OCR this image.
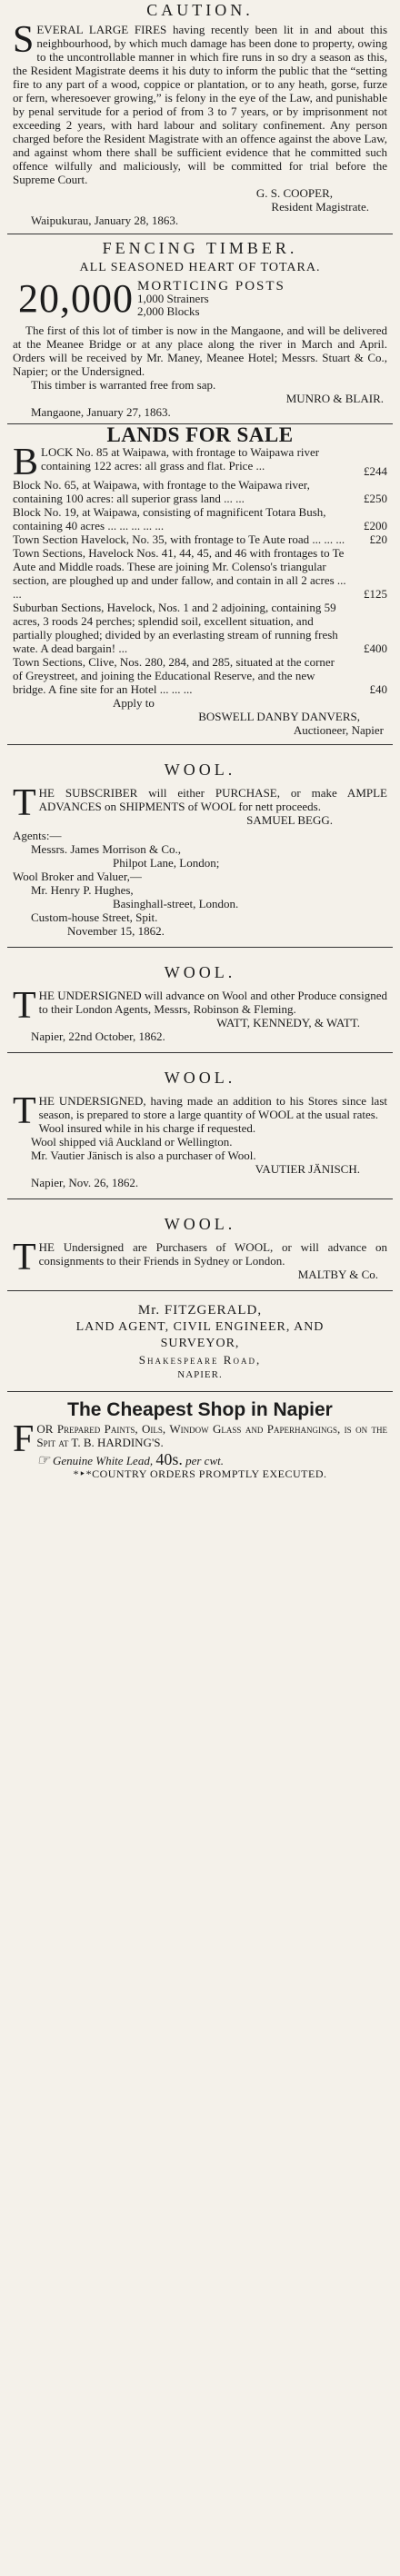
CAUTION.

SEVERAL LARGE FIRES having recently been lit in and about this neighbourhood, by which much damage has been done to property, owing to the uncontrollable manner in which fire runs in so dry a season as this, the Resident Magistrate deems it his duty to inform the public that the “setting fire to any part of a wood, coppice or plantation, or to any heath, gorse, furze or fern, wheresoever growing,” is felony in the eye of the Law, and punishable by penal servitude for a period of from 3 to 7 years, or by imprisonment not exceeding 2 years, with hard labour and solitary confinement. Any person charged before the Resident Magistrate with an offence against the above Law, and against whom there shall be sufficient evidence that he committed such offence wilfully and maliciously, will be committed for trial before the Supreme Court.

G. S. COOPER,
Resident Magistrate.
Waipukurau, January 28, 1863.
FENCING TIMBER.
ALL SEASONED HEART OF TOTARA.
20,000 MORTICING POSTS
1,000 Strainers
2,000 Blocks

The first of this lot of timber is now in the Mangaone, and will be delivered at the Meanee Bridge or at any place along the river in March and April. Orders will be received by Mr. Maney, Meanee Hotel; Messrs. Stuart & Co., Napier; or the Undersigned.

This timber is warranted free from sap.
MUNRO & BLAIR.
Mangaone, January 27, 1863.
LANDS FOR SALE
BLOCK No. 85 at Waipawa, with frontage to Waipawa river containing 122 acres: all grass and flat. Price ...	£244
Block No. 65, at Waipawa, with frontage to the Waipawa river, containing 100 acres: all superior grass land ... ...	£250
Block No. 19, at Waipawa, consisting of magnificent Totara Bush, containing 40 acres ... ... ... ... ...	£200
Town Section Havelock, No. 35, with frontage to Te Aute road ... ... ...	£20
Town Sections, Havelock Nos. 41, 44, 45, and 46 with frontages to Te Aute and Middle roads. These are joining Mr. Colenso's triangular section, are ploughed up and under fallow, and contain in all 2 acres ... ...	£125
Suburban Sections, Havelock, Nos. 1 and 2 adjoining, containing 59 acres, 3 roods 24 perches; splendid soil, excellent situation, and partially ploughed; divided by an everlasting stream of running fresh wate. A dead bargain! ...	£400
Town Sections, Clive, Nos. 280, 284, and 285, situated at the corner of Greystreet, and joining the Educational Reserve, and the new bridge. A fine site for an Hotel ... ... ...	£40
Apply to
BOSWELL DANBY DANVERS,
Auctioneer, Napier
WOOL.

THE SUBSCRIBER will either PURCHASE, or make AMPLE ADVANCES on SHIPMENTS of WOOL for nett proceeds.

SAMUEL BEGG.
Agents:—
Messrs. James Morrison & Co.,
Philpot Lane, London;
Wool Broker and Valuer,—
Mr. Henry P. Hughes,
Basinghall-street, London.
Custom-house Street, Spit.
November 15, 1862.
WOOL.

THE UNDERSIGNED will advance on Wool and other Produce consigned to their London Agents, Messrs, Robinson & Fleming.

WATT, KENNEDY, & WATT.
Napier, 22nd October, 1862.
WOOL.

THE UNDERSIGNED, having made an addition to his Stores since last season, is prepared to store a large quantity of WOOL at the usual rates.

Wool insured while in his charge if requested.
Wool shipped viâ Auckland or Wellington.
Mr. Vautier Jänisch is also a purchaser of Wool.
VAUTIER JÄNISCH.
Napier, Nov. 26, 1862.
WOOL.

THE Undersigned are Purchasers of WOOL, or will advance on consignments to their Friends in Sydney or London.

MALTBY & Co.
Mr. FITZGERALD,
LAND AGENT, CIVIL ENGINEER, AND
SURVEYOR,
Shakespeare Road,
NAPIER.
The Cheapest Shop in Napier

FOR Prepared Paints, Oils, Window Glass and Paperhangings, is on the Spit at T. B. HARDING'S.

☞ Genuine White Lead, 40s. per cwt.
*‣*COUNTRY ORDERS PROMPTLY EXECUTED.
